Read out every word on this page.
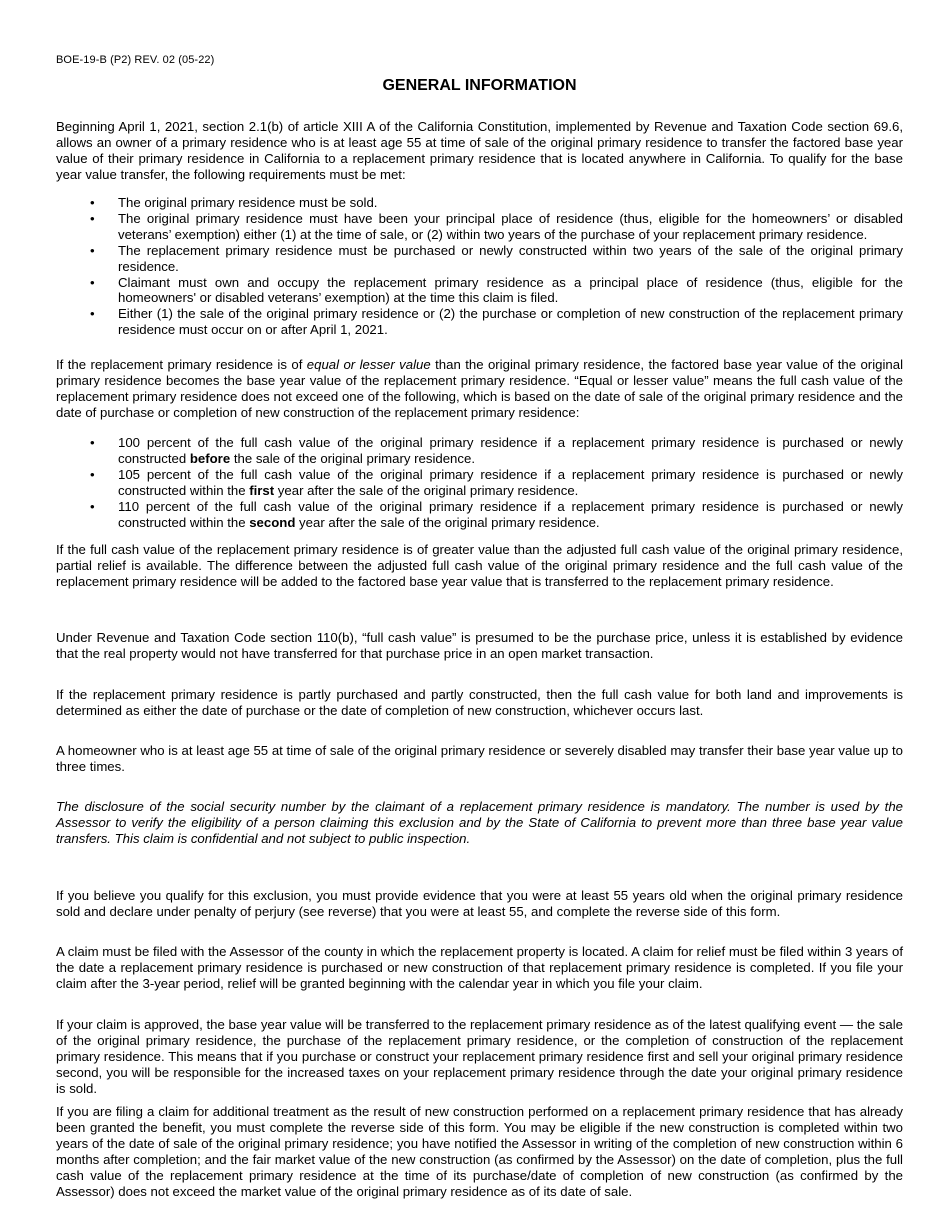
BOE-19-B (P2) REV. 02 (05-22)
GENERAL INFORMATION
Beginning April 1, 2021, section 2.1(b) of article XIII A of the California Constitution, implemented by Revenue and Taxation Code section 69.6, allows an owner of a primary residence who is at least age 55 at time of sale of the original primary residence to transfer the factored base year value of their primary residence in California to a replacement primary residence that is located anywhere in California. To qualify for the base year value transfer, the following requirements must be met:
• The original primary residence must be sold.
• The original primary residence must have been your principal place of residence (thus, eligible for the homeowners’ or disabled veterans’ exemption) either (1) at the time of sale, or (2) within two years of the purchase of your replacement primary residence.
• The replacement primary residence must be purchased or newly constructed within two years of the sale of the original primary residence.
• Claimant must own and occupy the replacement primary residence as a principal place of residence (thus, eligible for the homeowners' or disabled veterans’ exemption) at the time this claim is filed.
• Either (1) the sale of the original primary residence or (2) the purchase or completion of new construction of the replacement primary residence must occur on or after April 1, 2021.
If the replacement primary residence is of equal or lesser value than the original primary residence, the factored base year value of the original primary residence becomes the base year value of the replacement primary residence. “Equal or lesser value” means the full cash value of the replacement primary residence does not exceed one of the following, which is based on the date of sale of the original primary residence and the date of purchase or completion of new construction of the replacement primary residence:
• 100 percent of the full cash value of the original primary residence if a replacement primary residence is purchased or newly constructed before the sale of the original primary residence.
• 105 percent of the full cash value of the original primary residence if a replacement primary residence is purchased or newly constructed within the first year after the sale of the original primary residence.
• 110 percent of the full cash value of the original primary residence if a replacement primary residence is purchased or newly constructed within the second year after the sale of the original primary residence.
If the full cash value of the replacement primary residence is of greater value than the adjusted full cash value of the original primary residence, partial relief is available. The difference between the adjusted full cash value of the original primary residence and the full cash value of the replacement primary residence will be added to the factored base year value that is transferred to the replacement primary residence.
Under Revenue and Taxation Code section 110(b), “full cash value” is presumed to be the purchase price, unless it is established by evidence that the real property would not have transferred for that purchase price in an open market transaction.
If the replacement primary residence is partly purchased and partly constructed, then the full cash value for both land and improvements is determined as either the date of purchase or the date of completion of new construction, whichever occurs last.
A homeowner who is at least age 55 at time of sale of the original primary residence or severely disabled may transfer their base year value up to three times.
The disclosure of the social security number by the claimant of a replacement primary residence is mandatory. The number is used by the Assessor to verify the eligibility of a person claiming this exclusion and by the State of California to prevent more than three base year value transfers. This claim is confidential and not subject to public inspection.
If you believe you qualify for this exclusion, you must provide evidence that you were at least 55 years old when the original primary residence sold and declare under penalty of perjury (see reverse) that you were at least 55, and complete the reverse side of this form.
A claim must be filed with the Assessor of the county in which the replacement property is located. A claim for relief must be filed within 3 years of the date a replacement primary residence is purchased or new construction of that replacement primary residence is completed. If you file your claim after the 3-year period, relief will be granted beginning with the calendar year in which you file your claim.
If your claim is approved, the base year value will be transferred to the replacement primary residence as of the latest qualifying event — the sale of the original primary residence, the purchase of the replacement primary residence, or the completion of construction of the replacement primary residence. This means that if you purchase or construct your replacement primary residence first and sell your original primary residence second, you will be responsible for the increased taxes on your replacement primary residence through the date your original primary residence is sold.
If you are filing a claim for additional treatment as the result of new construction performed on a replacement primary residence that has already been granted the benefit, you must complete the reverse side of this form. You may be eligible if the new construction is completed within two years of the date of sale of the original primary residence; you have notified the Assessor in writing of the completion of new construction within 6 months after completion; and the fair market value of the new construction (as confirmed by the Assessor) on the date of completion, plus the full cash value of the replacement primary residence at the time of its purchase/date of completion of new construction (as confirmed by the Assessor) does not exceed the market value of the original primary residence as of its date of sale.
